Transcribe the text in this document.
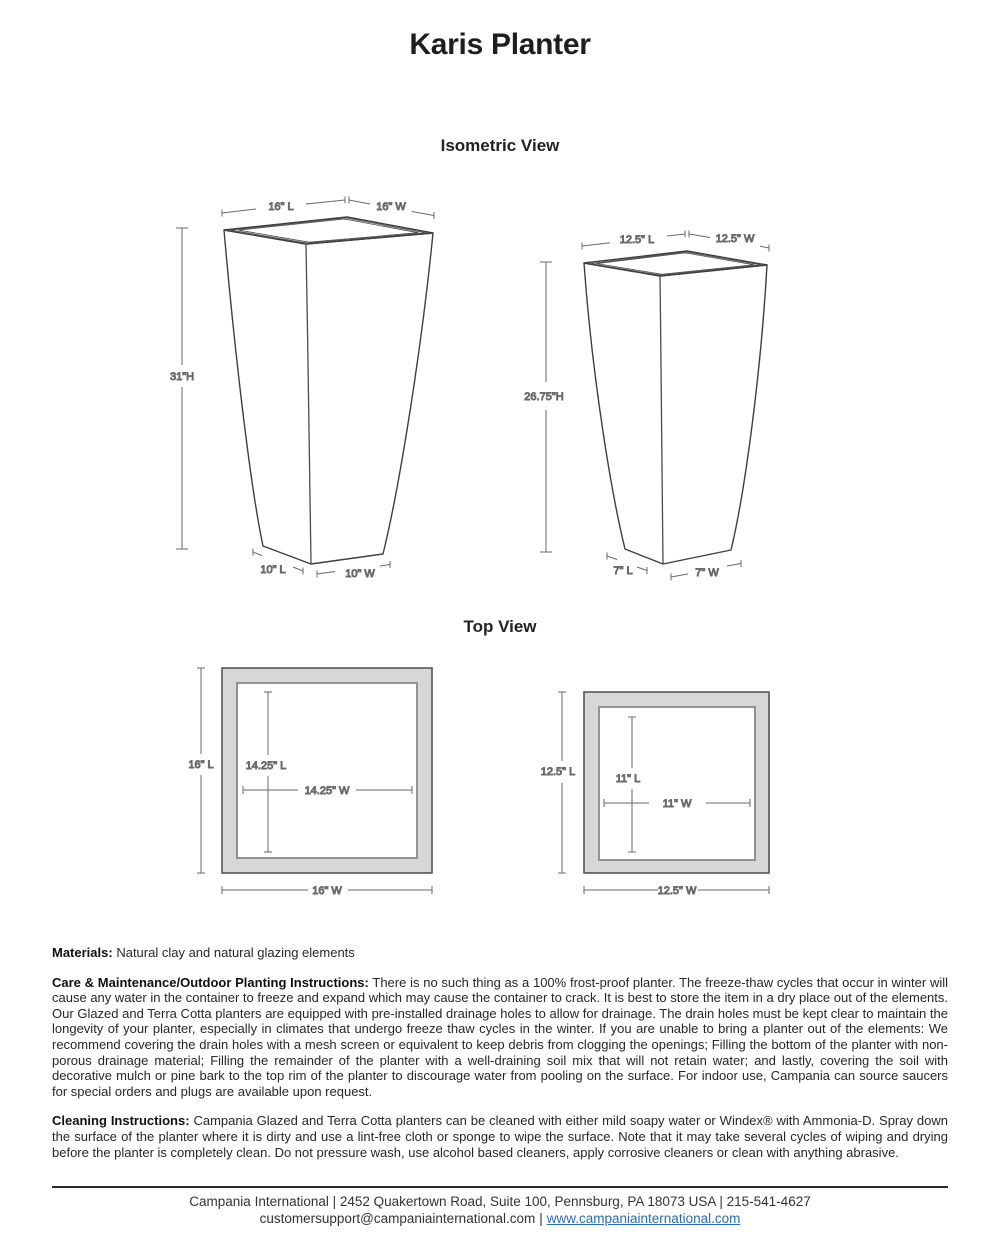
Karis Planter
Isometric View
31"H
16" L	16" W
10" L	10" W
26.75"H
12.5" L	12.5" W
7" L	7" W
Top View
16" L	14.25" L
14.25" W
16" W
12.5" L
11" L
11" W
12.5" W

Materials: Natural clay and natural glazing elements

Care & Maintenance/Outdoor Planting Instructions: There is no such thing as a 100% frost-proof planter. The freeze-thaw cycles that occur in winter will cause any water in the container to freeze and expand which may cause the container to crack. It is best to store the item in a dry place out of the elements. Our Glazed and Terra Cotta planters are equipped with pre-installed drainage holes to allow for drainage. The drain holes must be kept clear to maintain the longevity of your planter, especially in climates that undergo freeze thaw cycles in the winter. If you are unable to bring a planter out of the elements: We recommend covering the drain holes with a mesh screen or equivalent to keep debris from clogging the openings; Filling the bottom of the planter with non-porous drainage material; Filling the remainder of the planter with a well-draining soil mix that will not retain water; and lastly, covering the soil with decorative mulch or pine bark to the top rim of the planter to discourage water from pooling on the surface. For indoor use, Campania can source saucers for special orders and plugs are available upon request.

Cleaning Instructions: Campania Glazed and Terra Cotta planters can be cleaned with either mild soapy water or Windex® with Ammonia-D. Spray down the surface of the planter where it is dirty and use a lint-free cloth or sponge to wipe the surface. Note that it may take several cycles of wiping and drying before the planter is completely clean. Do not pressure wash, use alcohol based cleaners, apply corrosive cleaners or clean with anything abrasive.

Campania International | 2452 Quakertown Road, Suite 100, Pennsburg, PA 18073 USA | 215-541-4627
customersupport@campaniainternational.com | www.campaniainternational.com
